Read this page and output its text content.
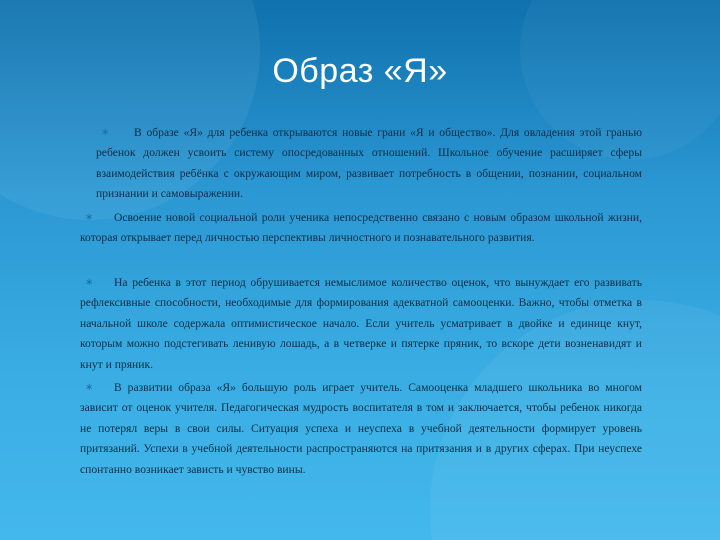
Образ «Я»
∗	В образе «Я» для ребенка открываются новые грани «Я и общество». Для овладения этой гранью ребенок должен усвоить систему опосредованных отношений. Школьное обучение расширяет сферы взаимодействия ребёнка с окружающим миром, развивает потребность в общении, познании, социальном признании и самовыражении.
∗	Освоение новой социальной роли ученика непосредственно связано с новым образом школьной жизни, которая открывает перед личностью перспективы личностного и познавательного развития.
∗	На ребенка в этот период обрушивается немыслимое количество оценок, что вынуждает его развивать рефлексивные способности, необходимые для формирования адекватной самооценки. Важно, чтобы отметка в начальной школе содержала оптимистическое начало. Если учитель усматривает в двойке и единице кнут, которым можно подстегивать ленивую лошадь, а в четверке и пятерке пряник, то вскоре дети возненавидят и кнут и пряник.
∗	В развитии образа «Я» большую роль играет учитель. Самооценка младшего школьника во многом зависит от оценок учителя. Педагогическая мудрость воспитателя в том и заключается, чтобы ребенок никогда не потерял веры в свои силы. Ситуация успеха и неуспеха в учебной деятельности формирует уровень притязаний. Успехи в учебной деятельности распространяются на притязания и в других сферах. При неуспехе спонтанно возникает зависть и чувство вины.
